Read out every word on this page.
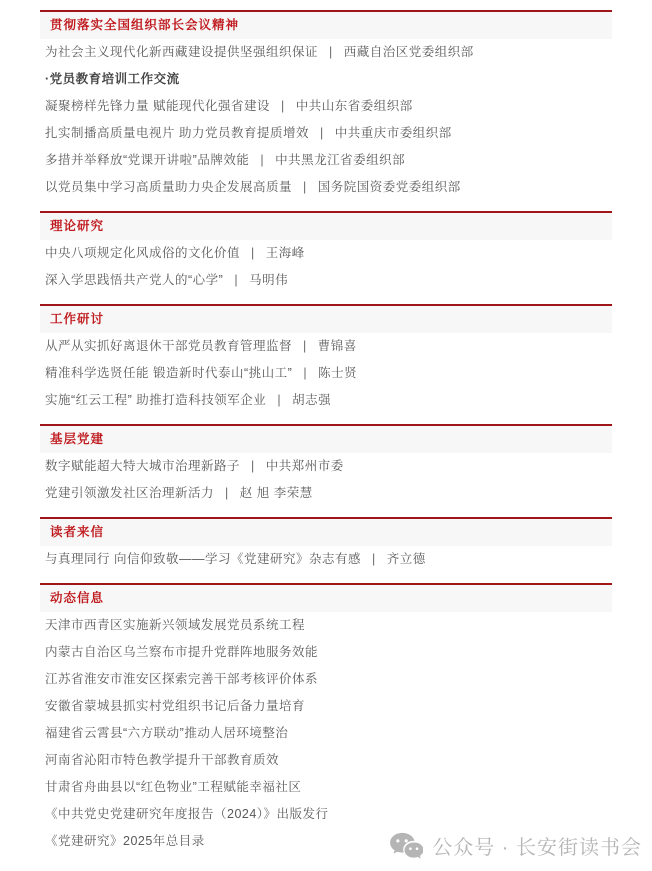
贯彻落实全国组织部长会议精神
为社会主义现代化新西藏建设提供坚强组织保证 | 西藏自治区党委组织部
·党员教育培训工作交流
凝聚榜样先锋力量 赋能现代化强省建设 | 中共山东省委组织部
扎实制播高质量电视片 助力党员教育提质增效 | 中共重庆市委组织部
多措并举释放“党课开讲啦”品牌效能 | 中共黑龙江省委组织部
以党员集中学习高质量助力央企发展高质量 | 国务院国资委党委组织部
理论研究
中央八项规定化风成俗的文化价值 | 王海峰
深入学思践悟共产党人的“心学” | 马明伟
工作研讨
从严从实抓好离退休干部党员教育管理监督 | 曹锦喜
精准科学选贤任能 锻造新时代泰山“挑山工” | 陈士贤
实施“红云工程” 助推打造科技领军企业 | 胡志强
基层党建
数字赋能超大特大城市治理新路子 | 中共郑州市委
党建引领激发社区治理新活力 | 赵 旭 李荣慧
读者来信
与真理同行 向信仰致敬——学习《党建研究》杂志有感 | 齐立德
动态信息
天津市西青区实施新兴领域发展党员系统工程
内蒙古自治区乌兰察布市提升党群阵地服务效能
江苏省淮安市淮安区探索完善干部考核评价体系
安徽省蒙城县抓实村党组织书记后备力量培育
福建省云霄县“六方联动”推动人居环境整治
河南省沁阳市特色教学提升干部教育质效
甘肃省舟曲县以“红色物业”工程赋能幸福社区
《中共党史党建研究年度报告（2024）》出版发行
《党建研究》2025年总目录	公众号 · 长安街读书会
